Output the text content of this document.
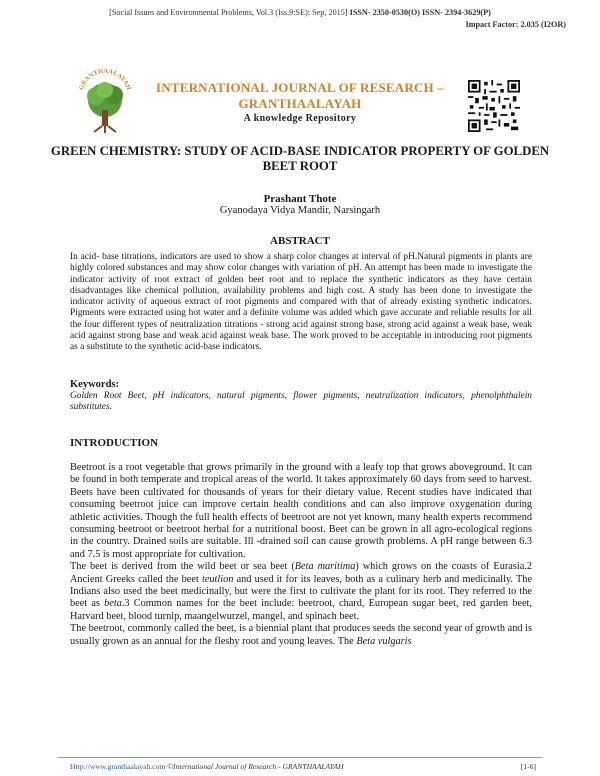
[Social Issues and Environmental Problems, Vol.3 (Iss.9:SE): Sep, 2015] ISSN- 2350-0530(O) ISSN- 2394-3629(P)
Impact Factor: 2.035 (I2OR)
GRANTHAALAYAH	INTERNATIONAL JOURNAL OF RESEARCH –
GRANTHAALAYAH
A knowledge Repository
GREEN CHEMISTRY: STUDY OF ACID-BASE INDICATOR PROPERTY OF GOLDEN BEET ROOT
Prashant Thote
Gyanodaya Vidya Mandir, Narsingarh
ABSTRACT

In acid- base titrations, indicators are used to show a sharp color changes at interval of pH.Natural pigments in plants are highly colored substances and may show color changes with variation of pH. An attempt has been made to investigate the indicator activity of root extract of golden beet root and to replace the synthetic indicators as they have certain disadvantages like chemical pollution, availability problems and high cost. A study has been done to investigate the indicator activity of aqueous extract of root pigments and compared with that of already existing synthetic indicators. Pigments were extracted using hot water and a definite volume was added which gave accurate and reliable results for all the four different types of neutralization titrations - strong acid against strong base, strong acid against a weak base, weak acid against strong base and weak acid against weak base. The work proved to be acceptable in introducing root pigments as a substitute to the synthetic acid-base indicators.

Keywords:

Golden Root Beet, pH indicators, natural pigments, flower pigments, neutralization indicators, phenolphthalein substitutes.

INTRODUCTION

Beetroot is a root vegetable that grows primarily in the ground with a leafy top that grows aboveground. It can be found in both temperate and tropical areas of the world. It takes approximately 60 days from seed to harvest. Beets have been cultivated for thousands of years for their dietary value. Recent studies have indicated that consuming beetroot juice can improve certain health conditions and can also improve oxygenation during athletic activities. Though the full health effects of beetroot are not yet known, many health experts recommend consuming beetroot or beetroot herbal for a nutritional boost. Beet can be grown in all agro-ecological regions in the country. Drained soils are suitable. Ill -drained soil can cause growth problems. A pH range between 6.3 and 7.5 is most appropriate for cultivation.

The beet is derived from the wild beet or sea beet (Beta maritima) which grows on the coasts of Eurasia.2 Ancient Greeks called the beet teutlion and used it for its leaves, both as a culinary herb and medicinally. The Indians also used the beet medicinally, but were the first to cultivate the plant for its root. They referred to the beet as beta.3 Common names for the beet include: beetroot, chard, European sugar beet, red garden beet, Harvard beet, blood turnip, maangelwurzel, mangel, and spinach beet.

The beetroot, commonly called the beet, is a biennial plant that produces seeds the second year of growth and is usually grown as an annual for the fleshy root and young leaves. The Beta vulgaris

Http://www.granthaalayah.com ©International Journal of Research - GRANTHAALAYAH	[1-6]
